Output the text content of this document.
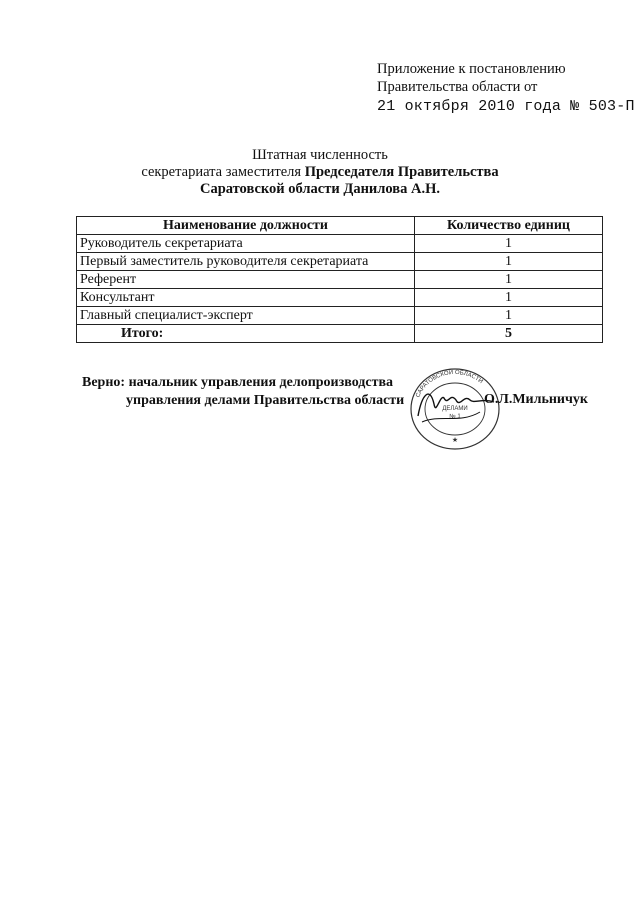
Приложение к постановлению
Правительства области от
21 октября 2010 года № 503-П
Штатная численность
секретариата заместителя Председателя Правительства
Саратовской области Данилова А.Н.
Наименование должности	Количество единиц
Руководитель секретариата	1
Первый заместитель руководителя секретариата	1
Референт	1
Консультант	1
Главный специалист-эксперт	1
Итого:	5
Верно: начальник управления делопроизводства
управления делами Правительства области САРАТОВСКОЙ ОБЛАСТИ
ДЕЛАМИ
№ 1
★
О.Л.Мильничук
